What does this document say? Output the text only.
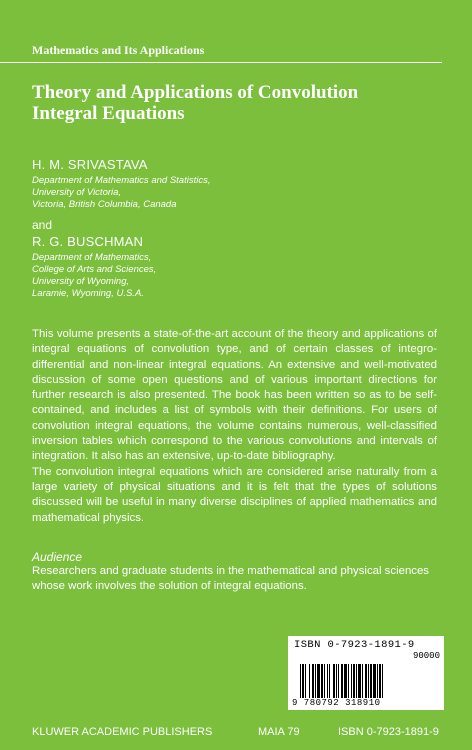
Mathematics and Its Applications
Theory and Applications of Convolution
Integral Equations
H. M. SRIVASTAVA
Department of Mathematics and Statistics,
University of Victoria,
Victoria, British Columbia, Canada
and
R. G. BUSCHMAN
Department of Mathematics,
College of Arts and Sciences,
University of Wyoming,
Laramie, Wyoming, U.S.A.

This volume presents a state-of-the-art account of the theory and applications of integral equations of convolution type, and of certain classes of integro-differential and non-linear integral equations. An extensive and well-motivated discussion of some open questions and of various important directions for further research is also presented. The book has been written so as to be self-contained, and includes a list of symbols with their definitions. For users of convolution integral equations, the volume contains numerous, well-classified inversion tables which correspond to the various convolutions and intervals of integration. It also has an extensive, up-to-date bibliography.

The convolution integral equations which are considered arise naturally from a large variety of physical situations and it is felt that the types of solutions discussed will be useful in many diverse disciplines of applied mathematics and mathematical physics.

Audience
Researchers and graduate students in the mathematical and physical sciences whose work involves the solution of integral equations.
ISBN 0-7923-1891-9
90000
9 780792 318910
KLUWER ACADEMIC PUBLISHERS	MAIA 79	ISBN 0-7923-1891-9
